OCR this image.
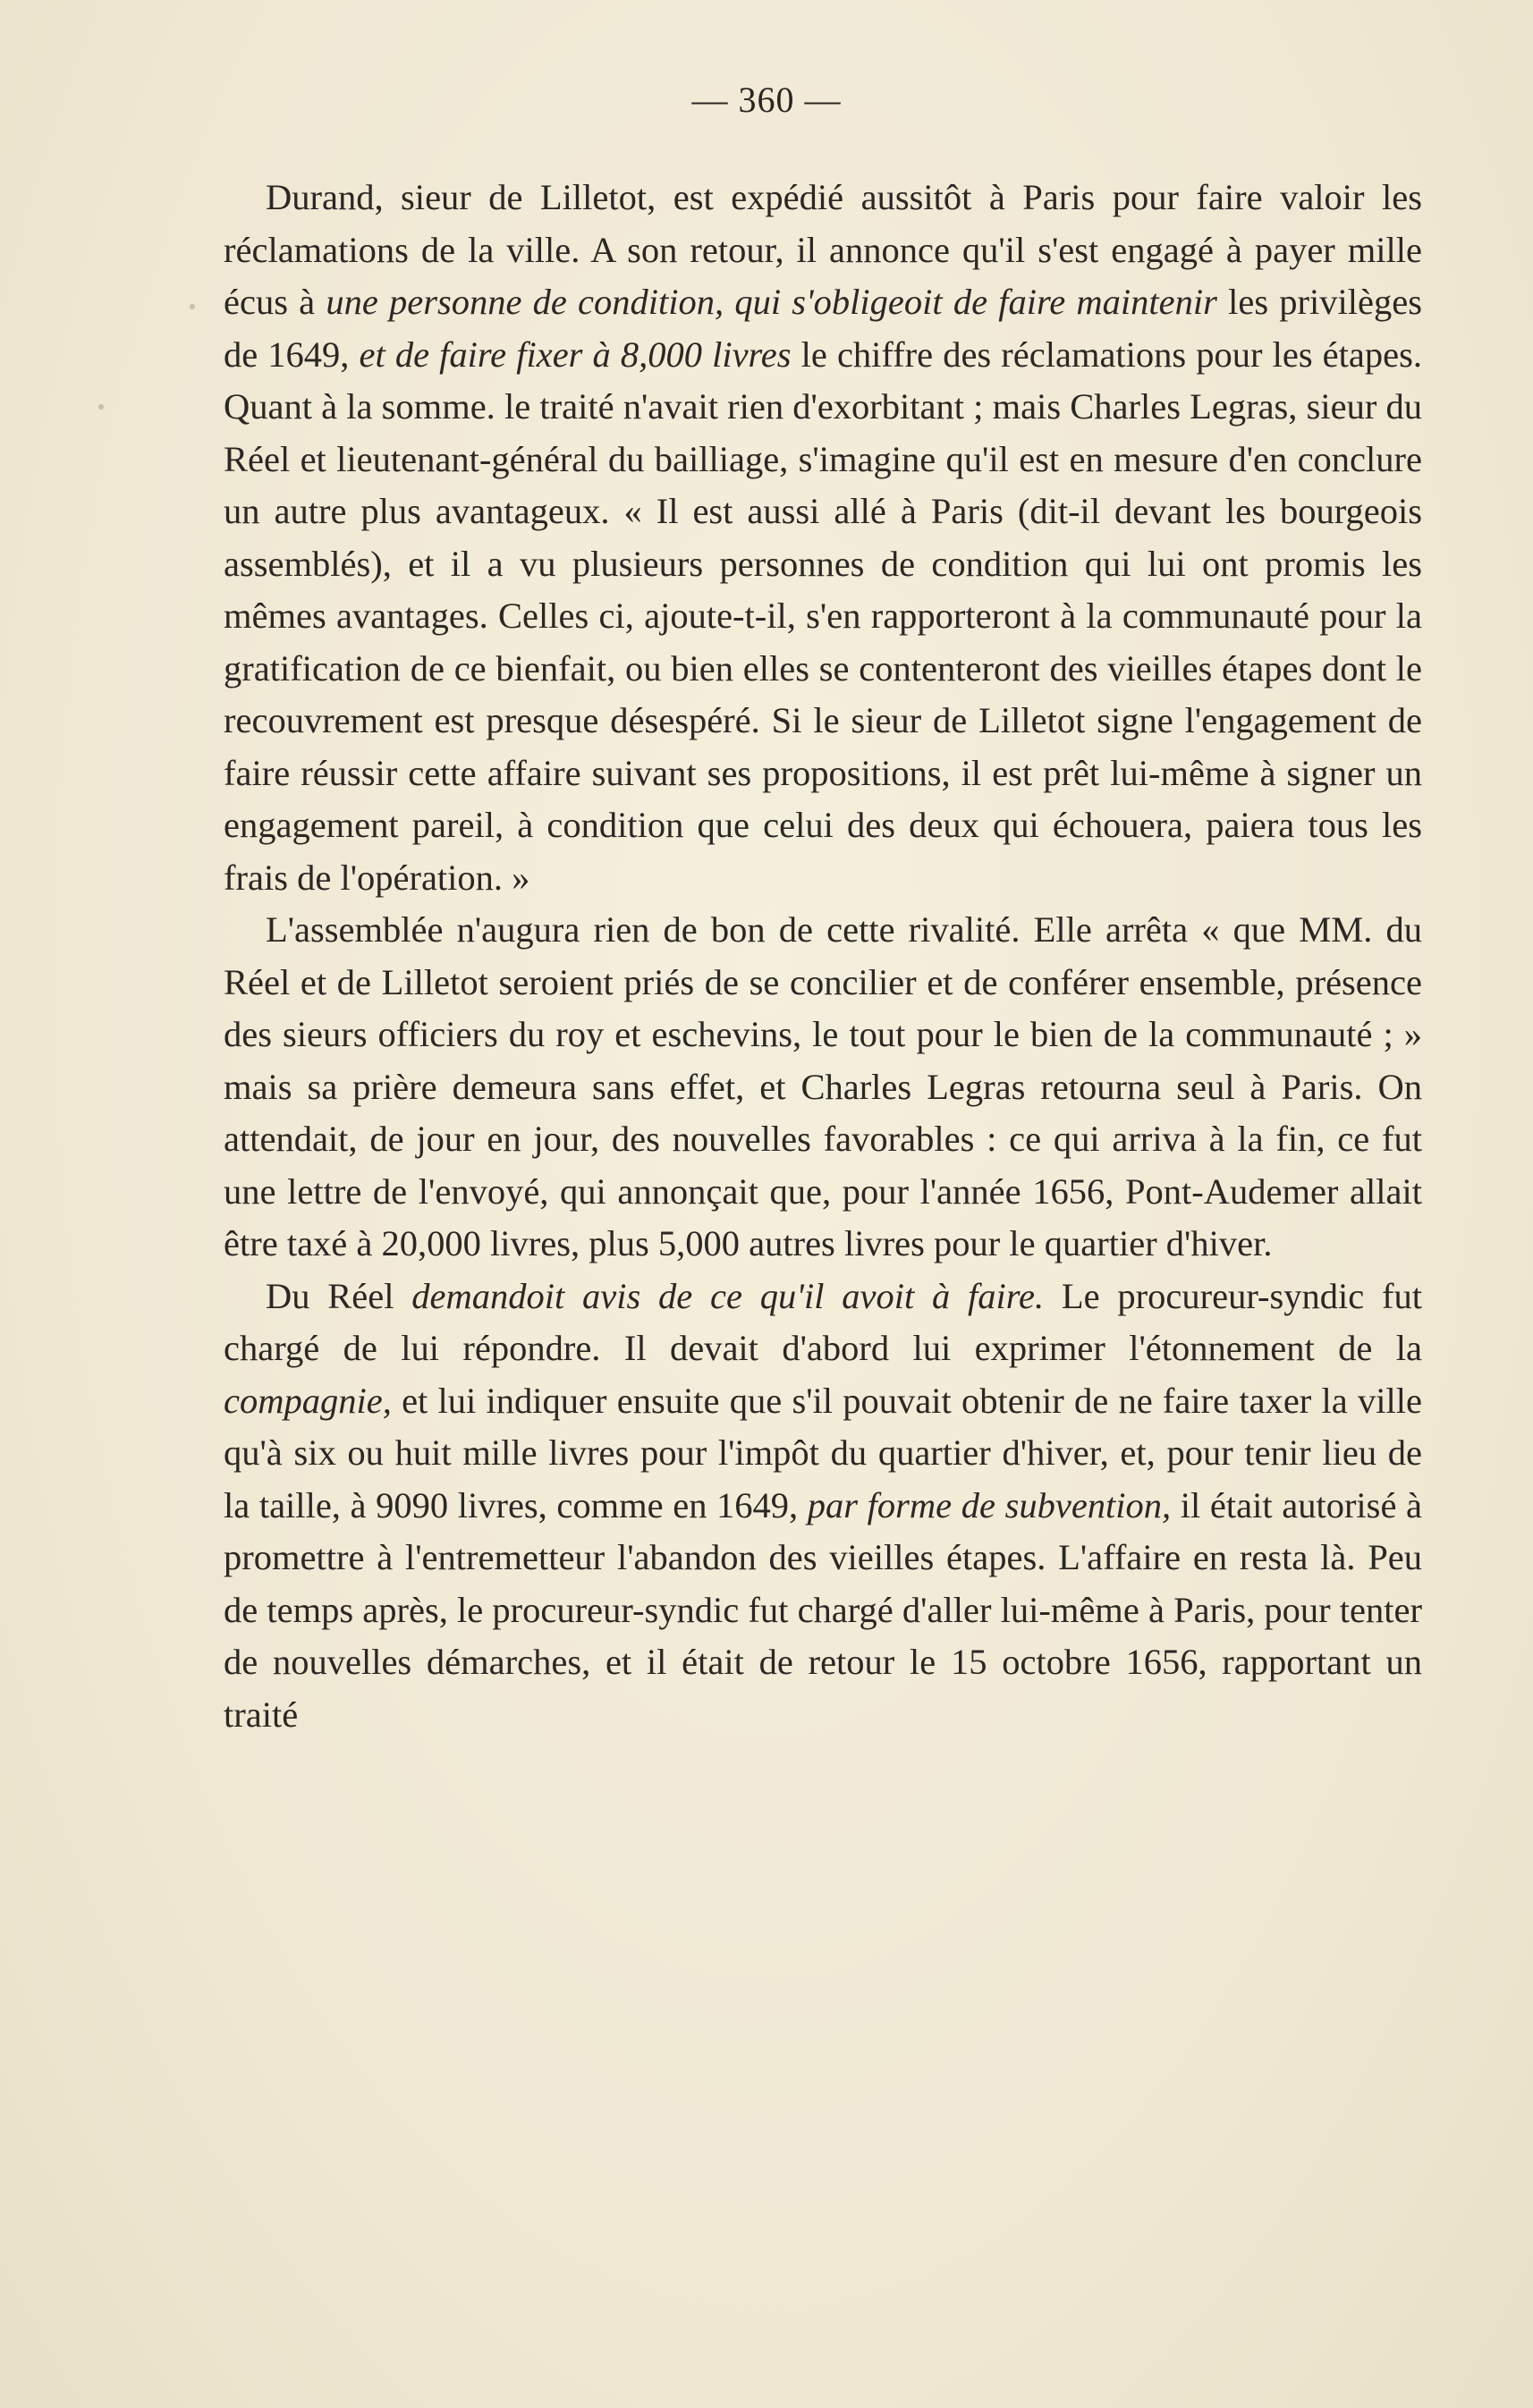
— 360 —

Durand, sieur de Lilletot, est expédié aussitôt à Paris pour faire valoir les réclamations de la ville. A son retour, il annonce qu'il s'est engagé à payer mille écus à une personne de condition, qui s'obligeoit de faire maintenir les privilèges de 1649, et de faire fixer à 8,000 livres le chiffre des réclamations pour les étapes. Quant à la somme. le traité n'avait rien d'exorbitant ; mais Charles Legras, sieur du Réel et lieutenant-général du bailliage, s'imagine qu'il est en mesure d'en conclure un autre plus avantageux. « Il est aussi allé à Paris (dit-il devant les bourgeois assemblés), et il a vu plusieurs personnes de condition qui lui ont promis les mêmes avantages. Celles ci, ajoute-t-il, s'en rapporteront à la communauté pour la gratification de ce bienfait, ou bien elles se contenteront des vieilles étapes dont le recouvrement est presque désespéré. Si le sieur de Lilletot signe l'engagement de faire réussir cette affaire suivant ses propositions, il est prêt lui-même à signer un engagement pareil, à condition que celui des deux qui échouera, paiera tous les frais de l'opération. »

L'assemblée n'augura rien de bon de cette rivalité. Elle arrêta « que MM. du Réel et de Lilletot seroient priés de se concilier et de conférer ensemble, présence des sieurs officiers du roy et eschevins, le tout pour le bien de la communauté ; » mais sa prière demeura sans effet, et Charles Legras retourna seul à Paris. On attendait, de jour en jour, des nouvelles favorables : ce qui arriva à la fin, ce fut une lettre de l'envoyé, qui annonçait que, pour l'année 1656, Pont-Audemer allait être taxé à 20,000 livres, plus 5,000 autres livres pour le quartier d'hiver.

Du Réel demandoit avis de ce qu'il avoit à faire. Le procureur-syndic fut chargé de lui répondre. Il devait d'abord lui exprimer l'étonnement de la compagnie, et lui indiquer ensuite que s'il pouvait obtenir de ne faire taxer la ville qu'à six ou huit mille livres pour l'impôt du quartier d'hiver, et, pour tenir lieu de la taille, à 9090 livres, comme en 1649, par forme de subvention, il était autorisé à promettre à l'entremetteur l'abandon des vieilles étapes. L'affaire en resta là. Peu de temps après, le procureur-syndic fut chargé d'aller lui-même à Paris, pour tenter de nouvelles démarches, et il était de retour le 15 octobre 1656, rapportant un traité
